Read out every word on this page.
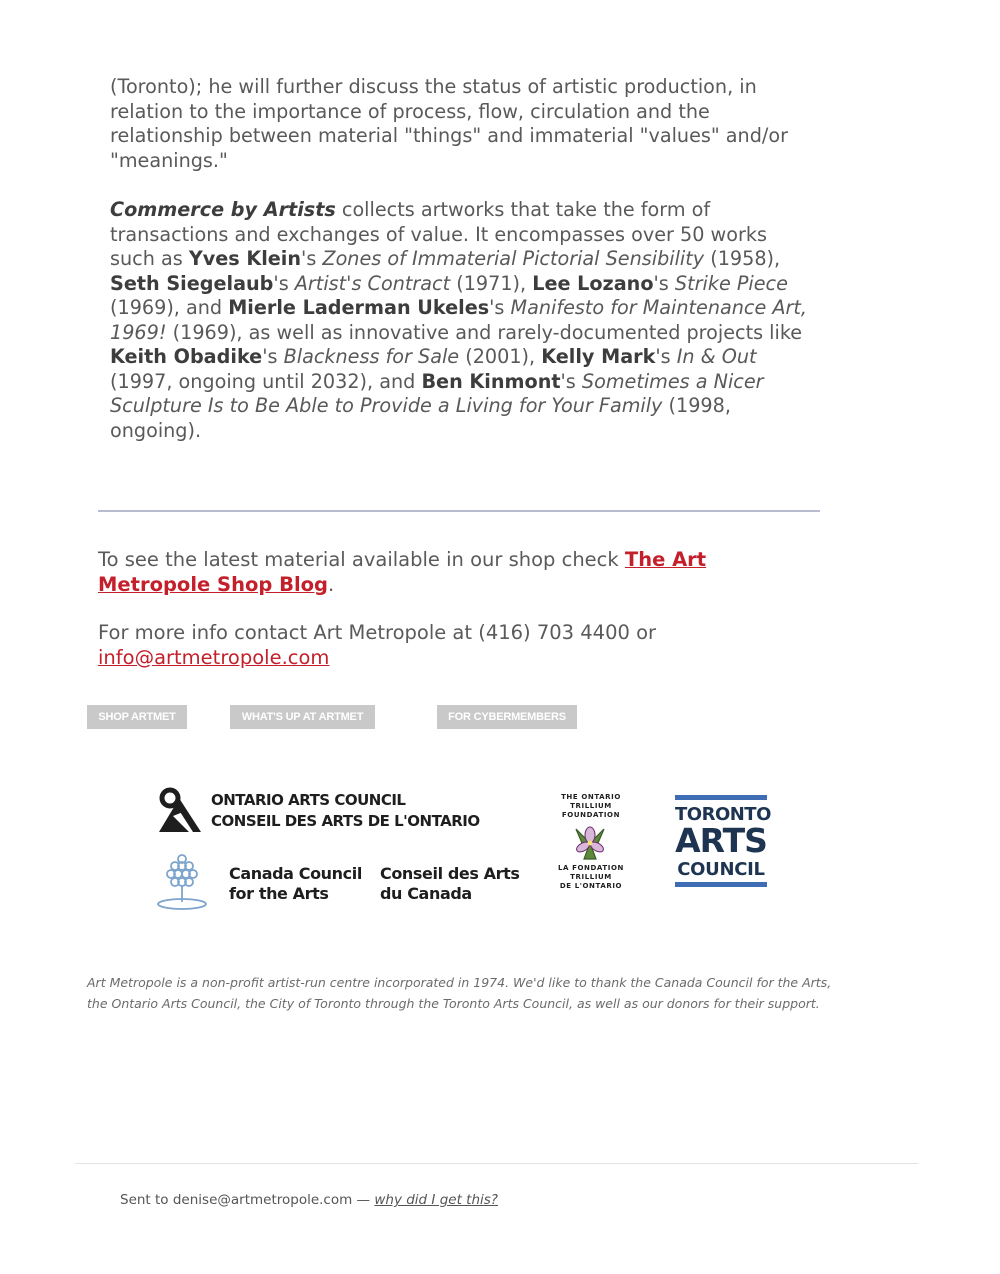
(Toronto); he will further discuss the status of artistic production, in relation to the importance of process, flow, circulation and the relationship between material "things" and immaterial "values" and/or "meanings."
Commerce by Artists collects artworks that take the form of transactions and exchanges of value. It encompasses over 50 works such as Yves Klein's Zones of Immaterial Pictorial Sensibility (1958), Seth Siegelaub's Artist's Contract (1971), Lee Lozano's Strike Piece (1969), and Mierle Laderman Ukeles's Manifesto for Maintenance Art, 1969! (1969), as well as innovative and rarely-documented projects like Keith Obadike's Blackness for Sale (2001), Kelly Mark's In & Out (1997, ongoing until 2032), and Ben Kinmont's Sometimes a Nicer Sculpture Is to Be Able to Provide a Living for Your Family (1998, ongoing).
To see the latest material available in our shop check The Art Metropole Shop Blog.
For more info contact Art Metropole at (416) 703 4400 or info@artmetropole.com
SHOP ARTMET	WHAT'S UP AT ARTMET	FOR CYBERMEMBERS
ONTARIO ARTS COUNCIL
CONSEIL DES ARTS DE L'ONTARIO
Canada Council
for the Arts
Conseil des Arts
du Canada
THE ONTARIO
TRILLIUM
FOUNDATION
LA FONDATION
TRILLIUM
DE L'ONTARIO
TORONTO
ARTS
COUNCIL
Art Metropole is a non-profit artist-run centre incorporated in 1974. We'd like to thank the Canada Council for the Arts, the Ontario Arts Council, the City of Toronto through the Toronto Arts Council, as well as our donors for their support.
Sent to denise@artmetropole.com — why did I get this?
